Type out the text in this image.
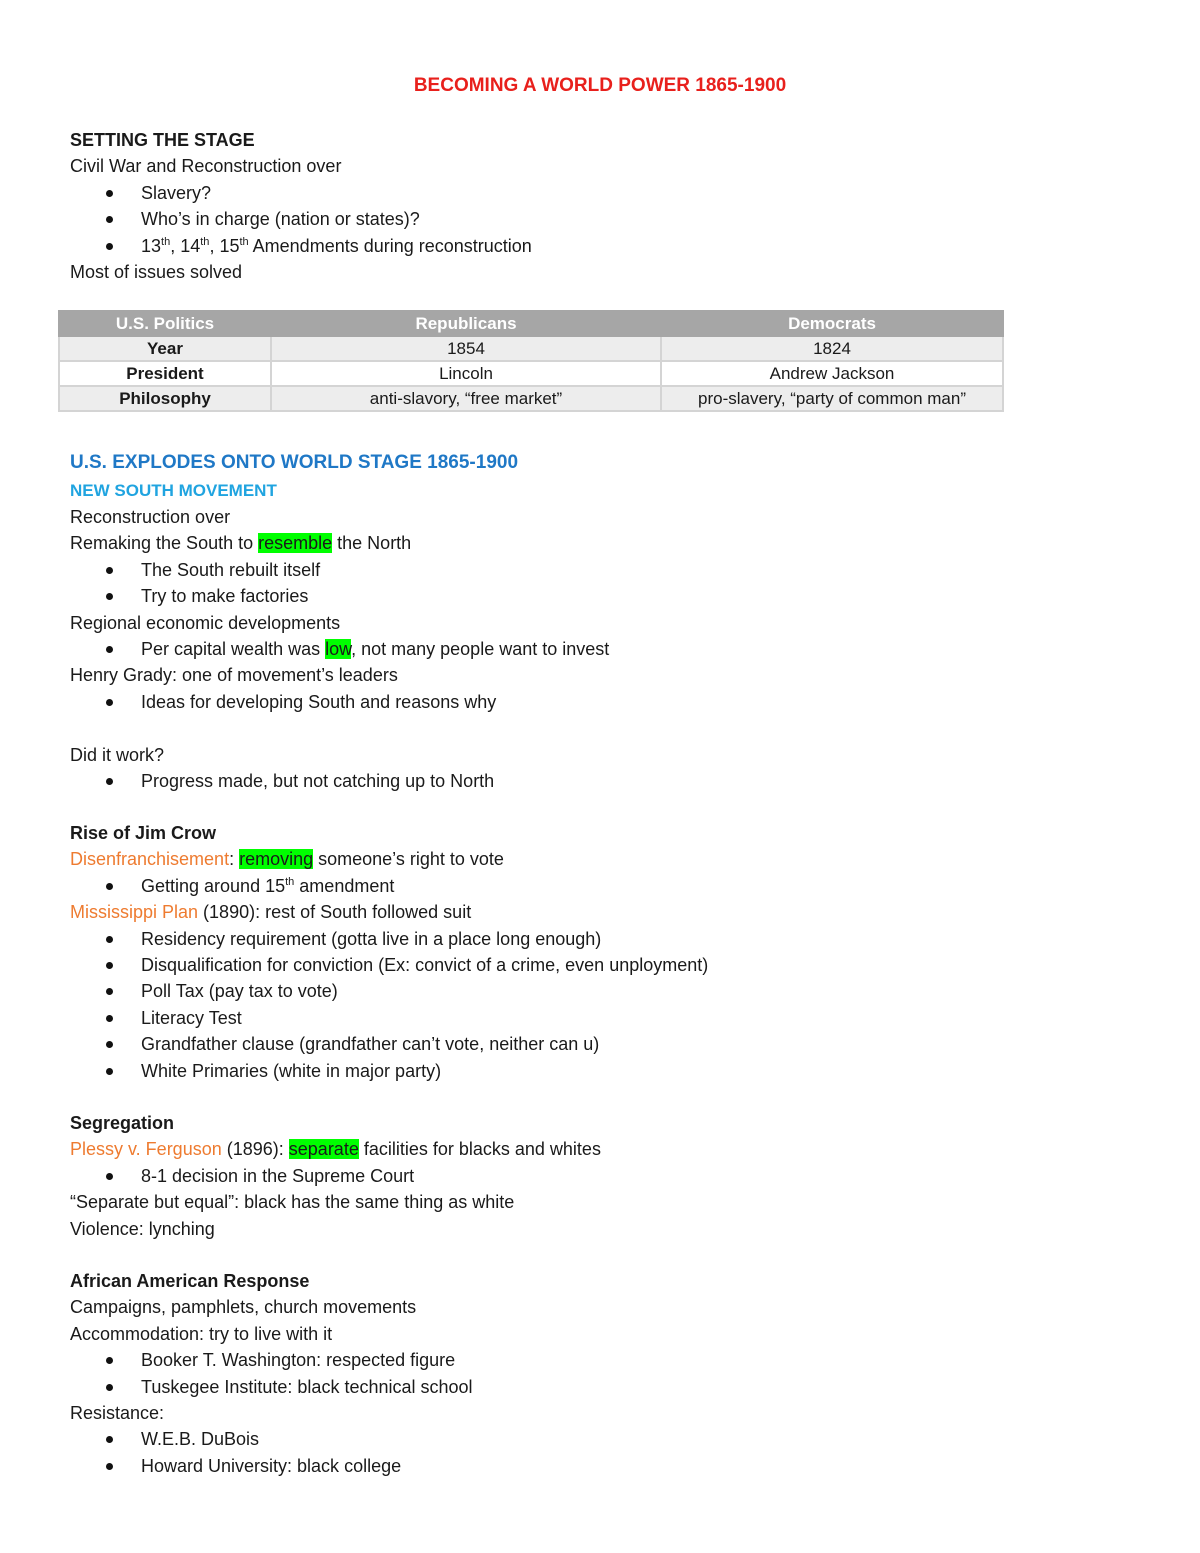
BECOMING A WORLD POWER 1865-1900
SETTING THE STAGE
Civil War and Reconstruction over
Slavery?
Who’s in charge (nation or states)?
13th, 14th, 15th Amendments during reconstruction
Most of issues solved
U.S. Politics	Republicans	Democrats
Year	1854	1824
President	Lincoln	Andrew Jackson
Philosophy	anti-slavory, “free market”	pro-slavery, “party of common man”
U.S. EXPLODES ONTO WORLD STAGE 1865-1900
NEW SOUTH MOVEMENT
Reconstruction over
Remaking the South to resemble the North
The South rebuilt itself
Try to make factories
Regional economic developments
Per capital wealth was low, not many people want to invest
Henry Grady: one of movement’s leaders
Ideas for developing South and reasons why
Did it work?
Progress made, but not catching up to North
Rise of Jim Crow
Disenfranchisement: removing someone’s right to vote
Getting around 15th amendment
Mississippi Plan (1890): rest of South followed suit
Residency requirement (gotta live in a place long enough)
Disqualification for conviction (Ex: convict of a crime, even unployment)
Poll Tax (pay tax to vote)
Literacy Test
Grandfather clause (grandfather can’t vote, neither can u)
White Primaries (white in major party)
Segregation
Plessy v. Ferguson (1896): separate facilities for blacks and whites
8-1 decision in the Supreme Court
“Separate but equal”: black has the same thing as white
Violence: lynching
African American Response
Campaigns, pamphlets, church movements
Accommodation: try to live with it
Booker T. Washington: respected figure
Tuskegee Institute: black technical school
Resistance:
W.E.B. DuBois
Howard University: black college
